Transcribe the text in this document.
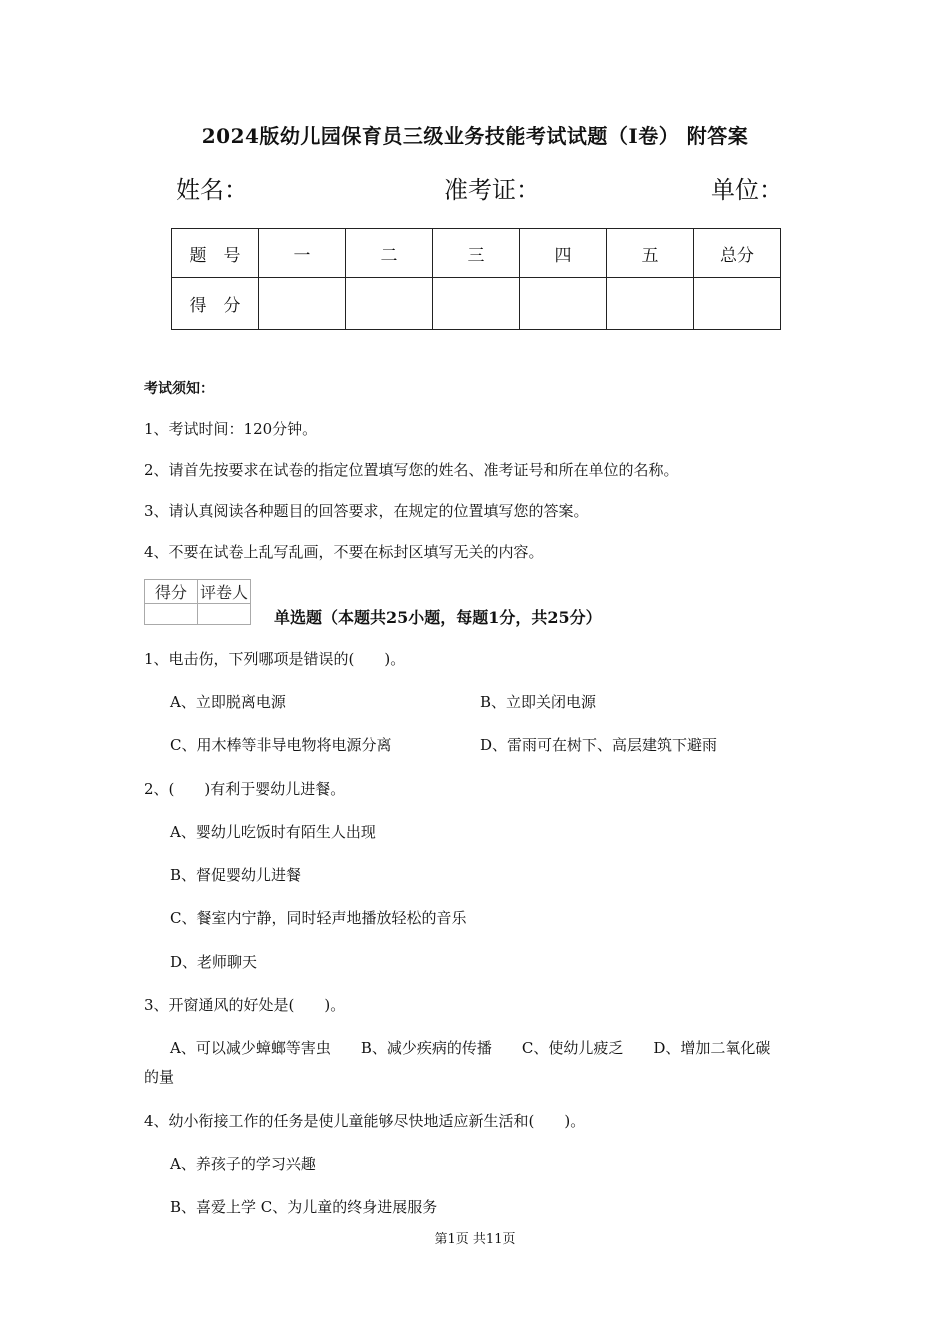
2024版幼儿园保育员三级业务技能考试试题（I卷） 附答案
姓名：	准考证：	单位：
题　号	一	二	三	四	五	总分
得　分						
考试须知：
1、考试时间：120分钟。
2、请首先按要求在试卷的指定位置填写您的姓名、准考证号和所在单位的名称。
3、请认真阅读各种题目的回答要求，在规定的位置填写您的答案。
4、不要在试卷上乱写乱画，不要在标封区填写无关的内容。
得分	评卷人

单选题（本题共25小题，每题1分，共25分）
1、电击伤，下列哪项是错误的(　　)。
A、立即脱离电源	B、立即关闭电源
C、用木棒等非导电物将电源分离	D、雷雨可在树下、高层建筑下避雨
2、(　　)有利于婴幼儿进餐。
A、婴幼儿吃饭时有陌生人出现
B、督促婴幼儿进餐
C、餐室内宁静，同时轻声地播放轻松的音乐
D、老师聊天
3、开窗通风的好处是(　　)。
A、可以减少蟑螂等害虫　　B、减少疾病的传播　　C、使幼儿疲乏　　D、增加二氧化碳
的量
4、幼小衔接工作的任务是使儿童能够尽快地适应新生活和(　　)。
A、养孩子的学习兴趣
B、喜爱上学 C、为儿童的终身进展服务
第1页 共11页
